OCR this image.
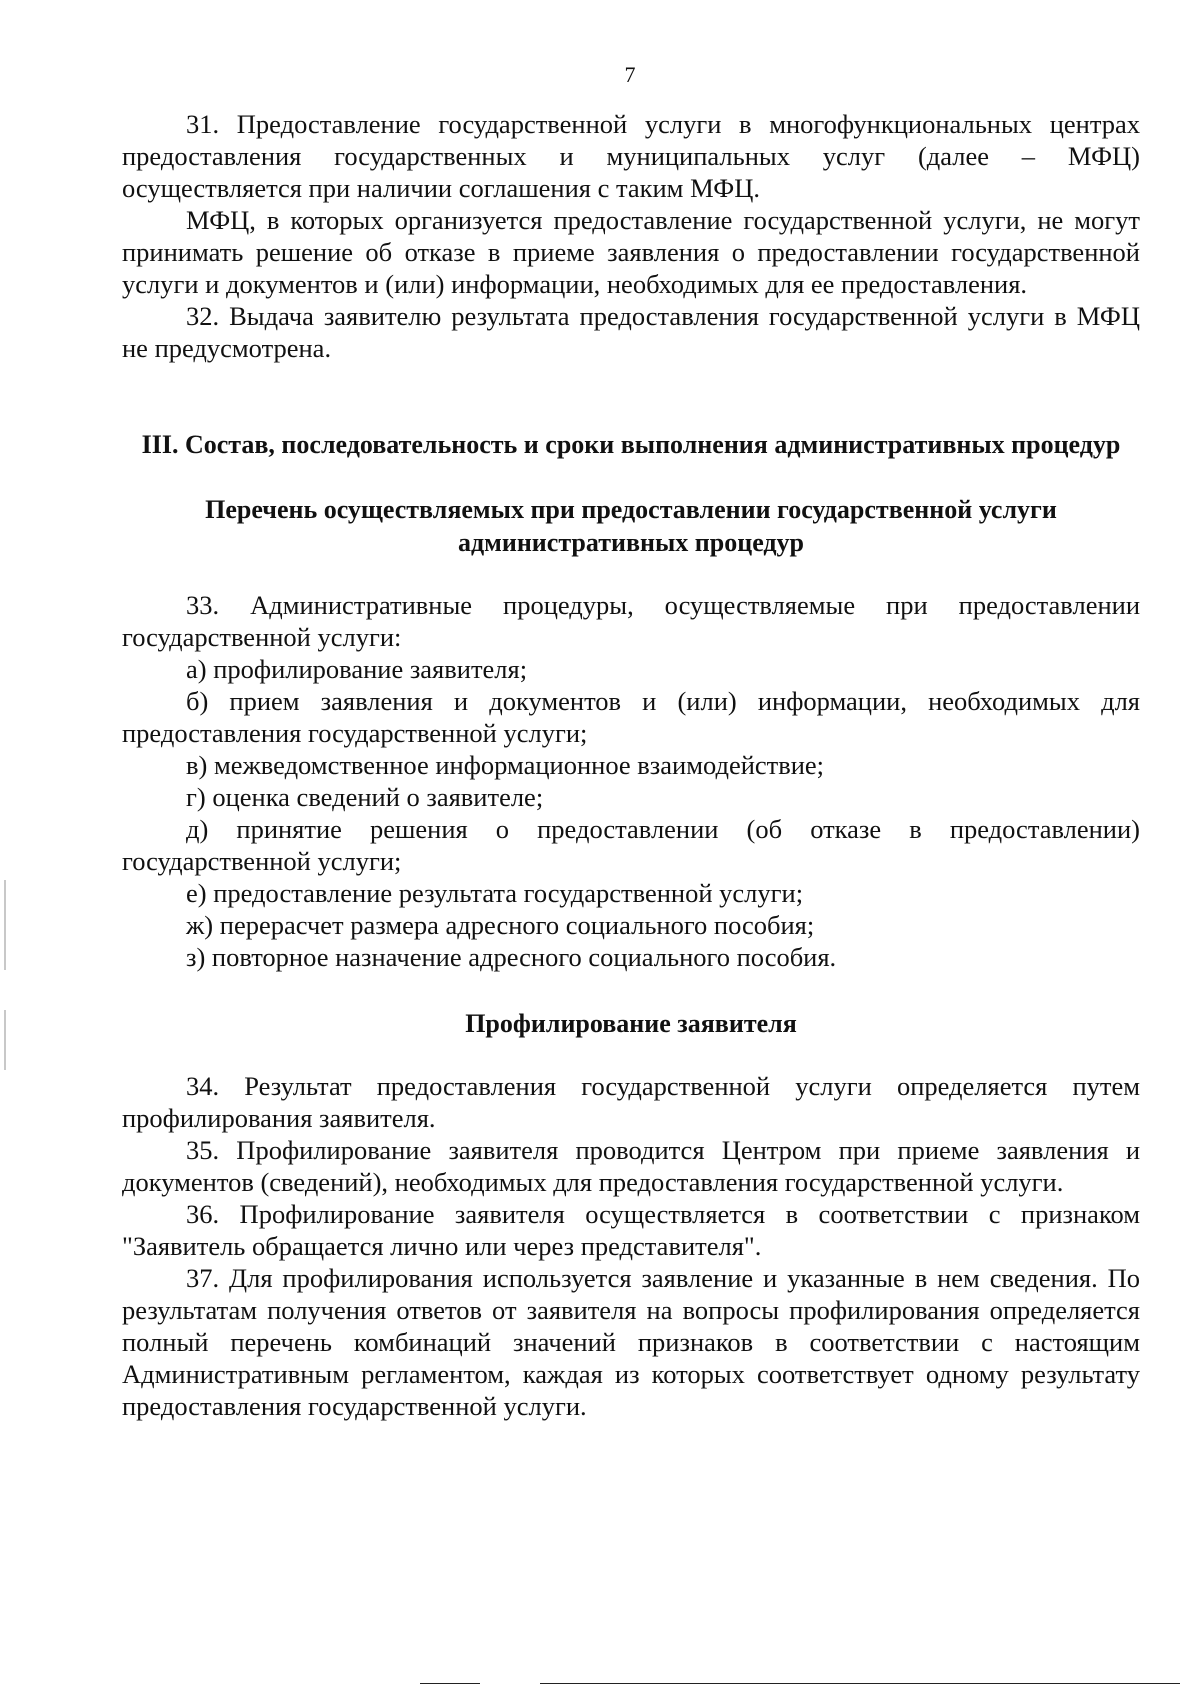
7

31. Предоставление государственной услуги в многофункциональных центрах предоставления государственных и муниципальных услуг (далее – МФЦ) осуществляется при наличии соглашения с таким МФЦ.

МФЦ, в которых организуется предоставление государственной услуги, не могут принимать решение об отказе в приеме заявления о предоставлении государственной услуги и документов и (или) информации, необходимых для ее предоставления.

32. Выдача заявителю результата предоставления государственной услуги в МФЦ не предусмотрена.

III. Состав, последовательность и сроки выполнения административных процедур

Перечень осуществляемых при предоставлении государственной услуги административных процедур

33. Административные процедуры, осуществляемые при предоставлении государственной услуги:

а) профилирование заявителя;

б) прием заявления и документов и (или) информации, необходимых для предоставления государственной услуги;

в) межведомственное информационное взаимодействие;

г) оценка сведений о заявителе;

д) принятие решения о предоставлении (об отказе в предоставлении) государственной услуги;

е) предоставление результата государственной услуги;

ж) перерасчет размера адресного социального пособия;

з) повторное назначение адресного социального пособия.

Профилирование заявителя

34. Результат предоставления государственной услуги определяется путем профилирования заявителя.

35. Профилирование заявителя проводится Центром при приеме заявления и документов (сведений), необходимых для предоставления государственной услуги.

36. Профилирование заявителя осуществляется в соответствии с признаком "Заявитель обращается лично или через представителя".

37. Для профилирования используется заявление и указанные в нем сведения. По результатам получения ответов от заявителя на вопросы профилирования определяется полный перечень комбинаций значений признаков в соответствии с настоящим Административным регламентом, каждая из которых соответствует одному результату предоставления государственной услуги.
